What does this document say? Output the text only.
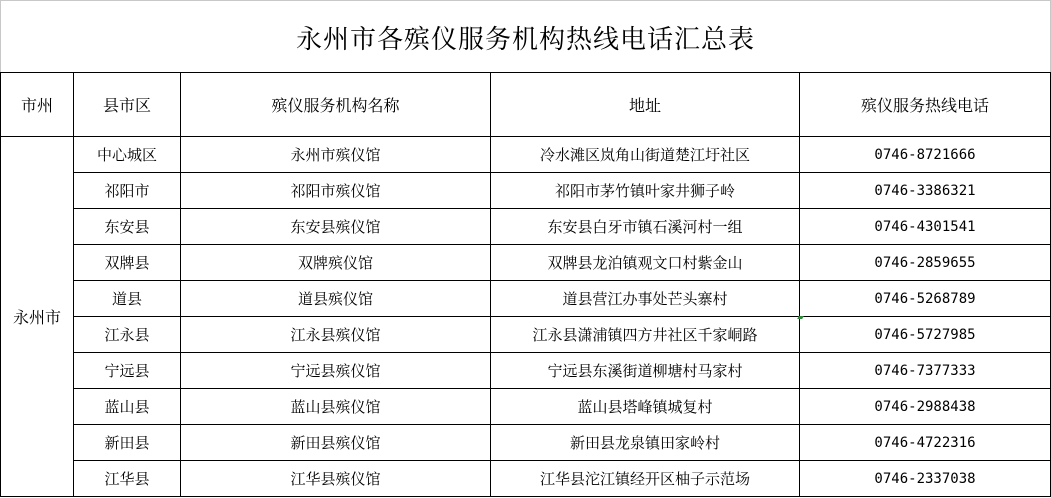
永州市各殡仪服务机构热线电话汇总表
市州	县市区	殡仪服务机构名称	地址	殡仪服务热线电话
永州市	中心城区	永州市殡仪馆	冷水滩区岚角山街道楚江圩社区	0746-8721666
	祁阳市	祁阳市殡仪馆	祁阳市茅竹镇叶家井狮子岭	0746-3386321
	东安县	东安县殡仪馆	东安县白牙市镇石溪河村一组	0746-4301541
	双牌县	双牌殡仪馆	双牌县龙泊镇观文口村紫金山	0746-2859655
	道县	道县殡仪馆	道县营江办事处芒头寨村	0746-5268789
	江永县	江永县殡仪馆	江永县潇浦镇四方井社区千家峒路	0746-5727985
	宁远县	宁远县殡仪馆	宁远县东溪街道柳塘村马家村	0746-7377333
	蓝山县	蓝山县殡仪馆	蓝山县塔峰镇城复村	0746-2988438
	新田县	新田县殡仪馆	新田县龙泉镇田家岭村	0746-4722316
	江华县	江华县殡仪馆	江华县沱江镇经开区柚子示范场	0746-2337038
